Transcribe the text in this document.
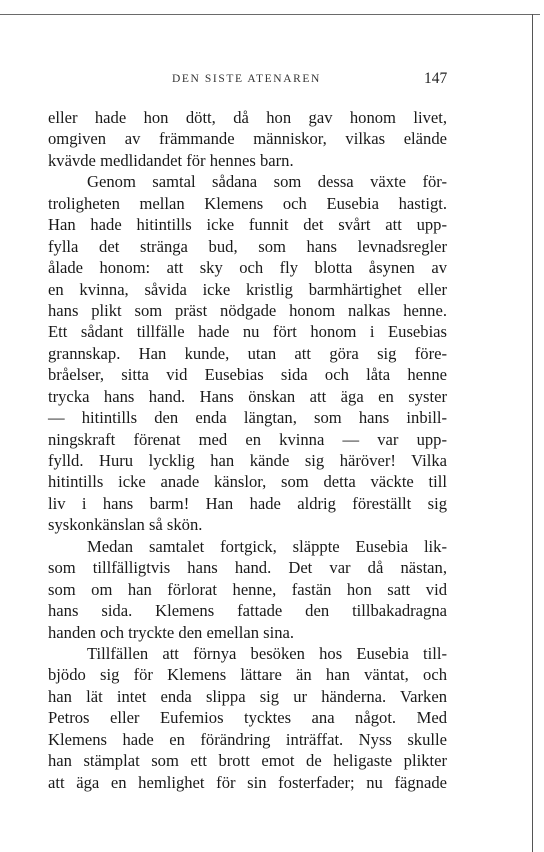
DEN SISTE ATENAREN	147
eller hade hon dött, då hon gav honom livet,
omgiven av främmande människor, vilkas elände
kvävde medlidandet för hennes barn.
Genom samtal sådana som dessa växte för-
troligheten mellan Klemens och Eusebia hastigt.
Han hade hitintills icke funnit det svårt att upp-
fylla det stränga bud, som hans levnadsregler
ålade honom: att sky och fly blotta åsynen av
en kvinna, såvida icke kristlig barmhärtighet eller
hans plikt som präst nödgade honom nalkas henne.
Ett sådant tillfälle hade nu fört honom i Eusebias
grannskap. Han kunde, utan att göra sig före-
bråelser, sitta vid Eusebias sida och låta henne
trycka hans hand. Hans önskan att äga en syster
— hitintills den enda längtan, som hans inbill-
ningskraft förenat med en kvinna — var upp-
fylld. Huru lycklig han kände sig häröver! Vilka
hitintills icke anade känslor, som detta väckte till
liv i hans barm! Han hade aldrig föreställt sig
syskonkänslan så skön.
Medan samtalet fortgick, släppte Eusebia lik-
som tillfälligtvis hans hand. Det var då nästan,
som om han förlorat henne, fastän hon satt vid
hans sida. Klemens fattade den tillbakadragna
handen och tryckte den emellan sina.
Tillfällen att förnya besöken hos Eusebia till-
bjödo sig för Klemens lättare än han väntat, och
han lät intet enda slippa sig ur händerna. Varken
Petros eller Eufemios tycktes ana något. Med
Klemens hade en förändring inträffat. Nyss skulle
han stämplat som ett brott emot de heligaste plikter
att äga en hemlighet för sin fosterfader; nu fägnade
